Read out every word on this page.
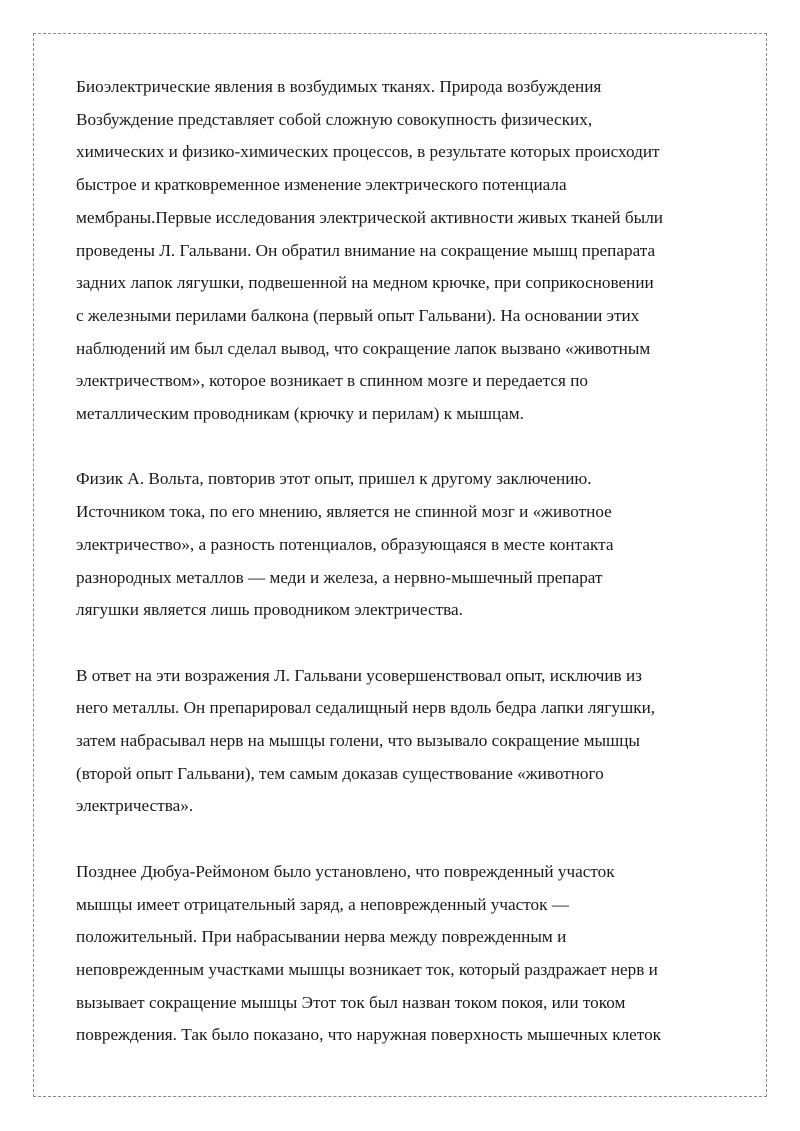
Биоэлектрические явления в возбудимых тканях. Природа возбуждения
Возбуждение представляет собой сложную совокупность физических,
химических и физико-химических процессов, в результате которых происходит
быстрое и кратковременное изменение электрического потенциала
мембраны.Первые исследования электрической активности живых тканей были
проведены Л. Гальвани. Он обратил внимание на сокращение мышц препарата
задних лапок лягушки, подвешенной на медном крючке, при соприкосновении
с железными перилами балкона (первый опыт Гальвани). На основании этих
наблюдений им был сделал вывод, что сокращение лапок вызвано «животным
электричеством», которое возникает в спинном мозге и передается по
металлическим проводникам (крючку и перилам) к мышцам.

Физик А. Вольта, повторив этот опыт, пришел к другому заключению.
Источником тока, по его мнению, является не спинной мозг и «животное
электричество», а разность потенциалов, образующаяся в месте контакта
разнородных металлов — меди и железа, а нервно-мышечный препарат
лягушки является лишь проводником электричества.

В ответ на эти возражения Л. Гальвани усовершенствовал опыт, исключив из
него металлы. Он препарировал седалищный нерв вдоль бедра лапки лягушки,
затем набрасывал нерв на мышцы голени, что вызывало сокращение мышцы
(второй опыт Гальвани), тем самым доказав существование «животного
электричества».

Позднее Дюбуа-Реймоном было установлено, что поврежденный участок
мышцы имеет отрицательный заряд, а неповрежденный участок —
положительный. При набрасывании нерва между поврежденным и
неповрежденным участками мышцы возникает ток, который раздражает нерв и
вызывает сокращение мышцы Этот ток был назван током покоя, или током
повреждения. Так было показано, что наружная поверхность мышечных клеток
